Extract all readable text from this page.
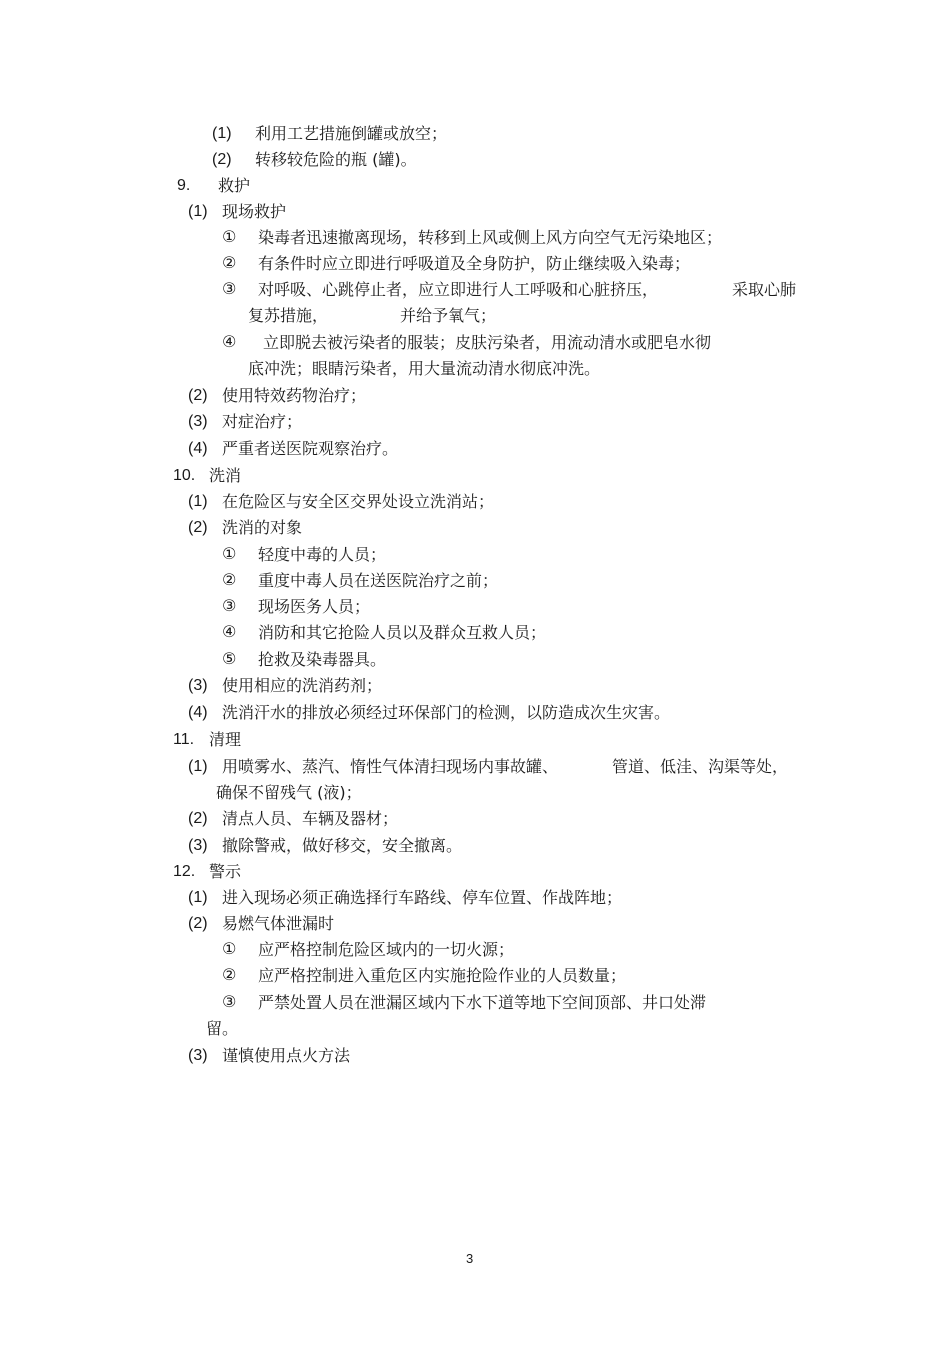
(1) 利用工艺措施倒罐或放空；
(2) 转移较危险的瓶 (罐)。
9. 救护
(1) 现场救护
① 染毒者迅速撤离现场，转移到上风或侧上风方向空气无污染地区；
② 有条件时应立即进行呼吸道及全身防护，防止继续吸入染毒；
③ 对呼吸、心跳停止者，应立即进行人工呼吸和心脏挤压，	采取心肺
复苏措施，	并给予氧气；
④ 立即脱去被污染者的服装；皮肤污染者，用流动清水或肥皂水彻
底冲洗；眼睛污染者，用大量流动清水彻底冲洗。
(2) 使用特效药物治疗；
(3) 对症治疗；
(4) 严重者送医院观察治疗。
10. 洗消
(1) 在危险区与安全区交界处设立洗消站；
(2) 洗消的对象
① 轻度中毒的人员；
② 重度中毒人员在送医院治疗之前；
③ 现场医务人员；
④ 消防和其它抢险人员以及群众互救人员；
⑤ 抢救及染毒器具。
(3) 使用相应的洗消药剂；
(4) 洗消汗水的排放必须经过环保部门的检测，以防造成次生灾害。
11. 清理
(1) 用喷雾水、蒸汽、惰性气体清扫现场内事故罐、	管道、低洼、沟渠等处，
确保不留残气 (液)；
(2) 清点人员、车辆及器材；
(3) 撤除警戒，做好移交，安全撤离。
12. 警示
(1) 进入现场必须正确选择行车路线、停车位置、作战阵地；
(2) 易燃气体泄漏时
① 应严格控制危险区域内的一切火源；
② 应严格控制进入重危区内实施抢险作业的人员数量；
③ 严禁处置人员在泄漏区域内下水下道等地下空间顶部、井口处滞
留。
(3) 谨慎使用点火方法
3
